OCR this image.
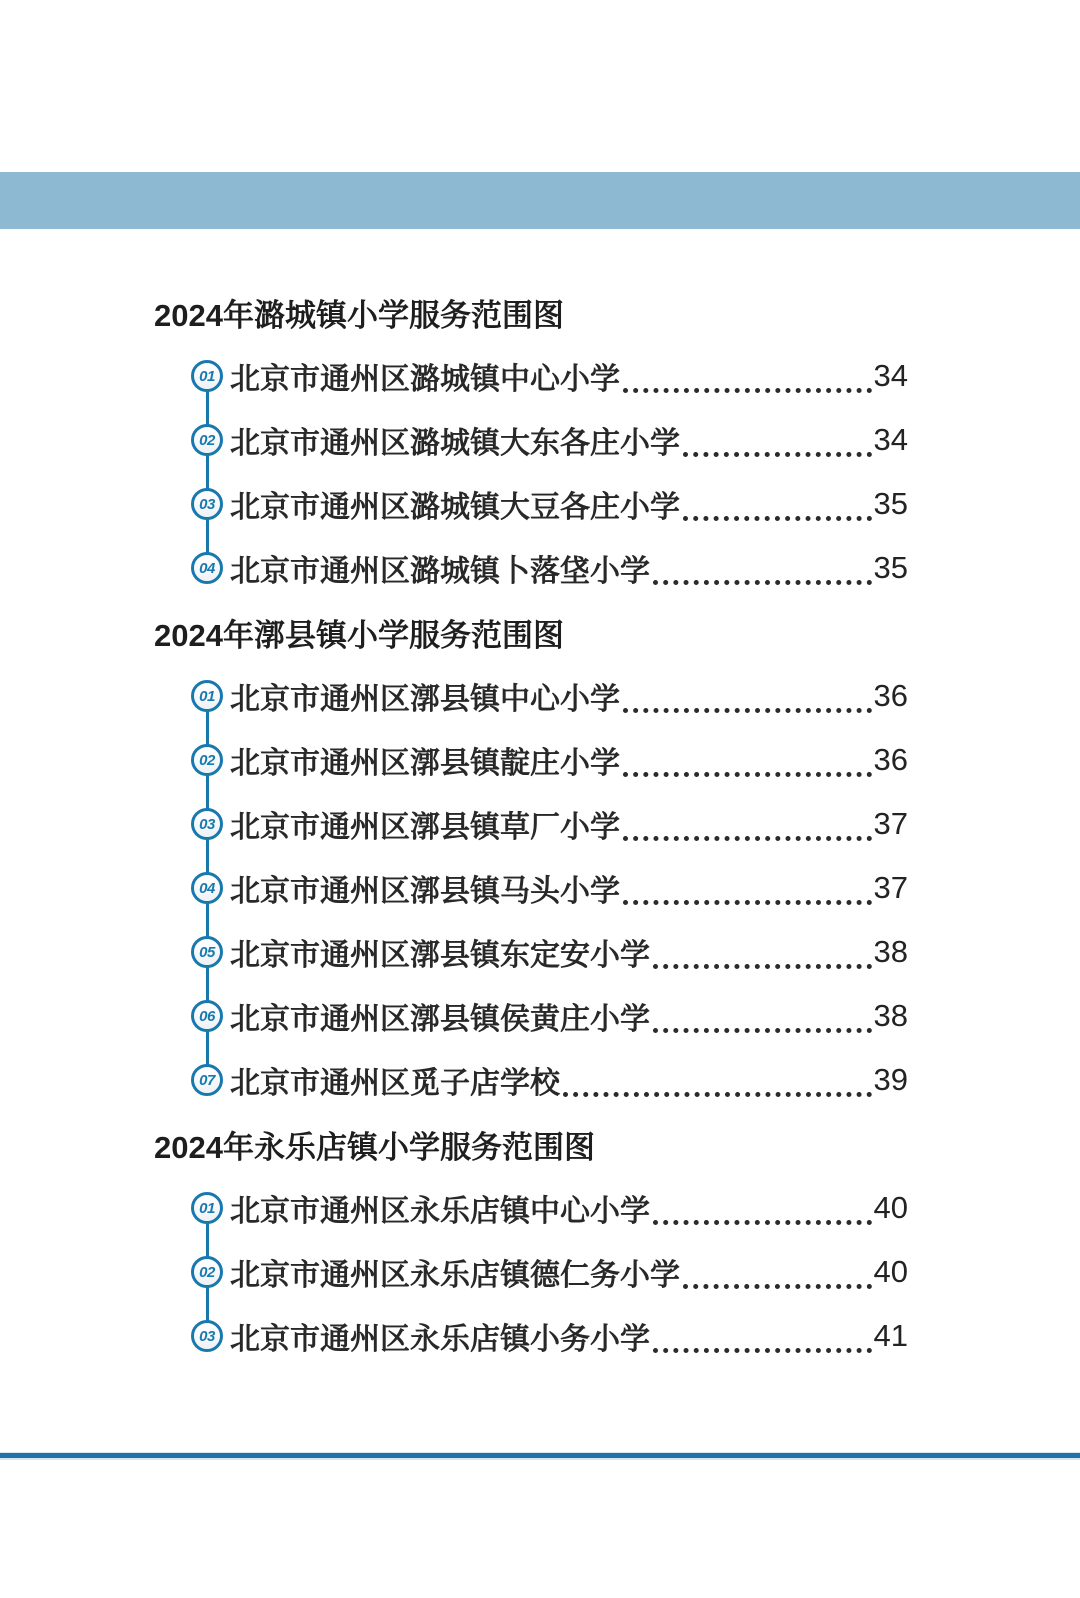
2024年潞城镇小学服务范围图
01 北京市通州区潞城镇中心小学	34
02 北京市通州区潞城镇大东各庄小学	34
03 北京市通州区潞城镇大豆各庄小学	35
04 北京市通州区潞城镇卜落垡小学	35
2024年漷县镇小学服务范围图
01 北京市通州区漷县镇中心小学	36
02 北京市通州区漷县镇靛庄小学	36
03 北京市通州区漷县镇草厂小学	37
04 北京市通州区漷县镇马头小学	37
05 北京市通州区漷县镇东定安小学	38
06 北京市通州区漷县镇侯黄庄小学	38
07 北京市通州区觅子店学校	39
2024年永乐店镇小学服务范围图
01 北京市通州区永乐店镇中心小学	40
02 北京市通州区永乐店镇德仁务小学	40
03 北京市通州区永乐店镇小务小学	41
